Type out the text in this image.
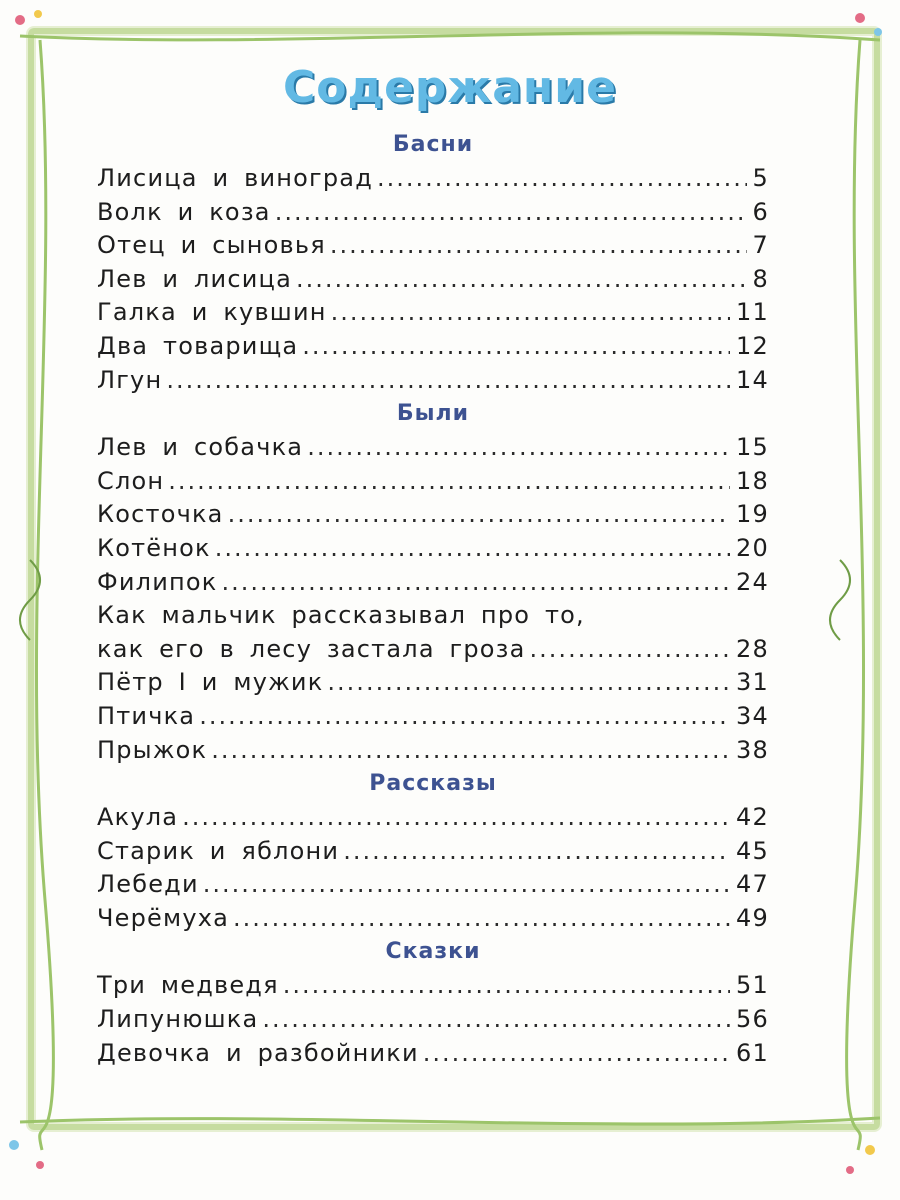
Содержание
Басни
Лисица и виноград .....	5
Волк и коза .....	6
Отец и сыновья .....	7
Лев и лисица .....	8
Галка и кувшин .....	11
Два товарища .....	12
Лгун .....	14
Были
Лев и собачка .....	15
Слон .....	18
Косточка .....	19
Котёнок .....	20
Филипок .....	24
Как мальчик рассказывал про то,
как его в лесу застала гроза .....	28
Пётр I и мужик .....	31
Птичка .....	34
Прыжок .....	38
Рассказы
Акула .....	42
Старик и яблони .....	45
Лебеди .....	47
Черёмуха .....	49
Сказки
Три медведя .....	51
Липунюшка .....	56
Девочка и разбойники .....	61
